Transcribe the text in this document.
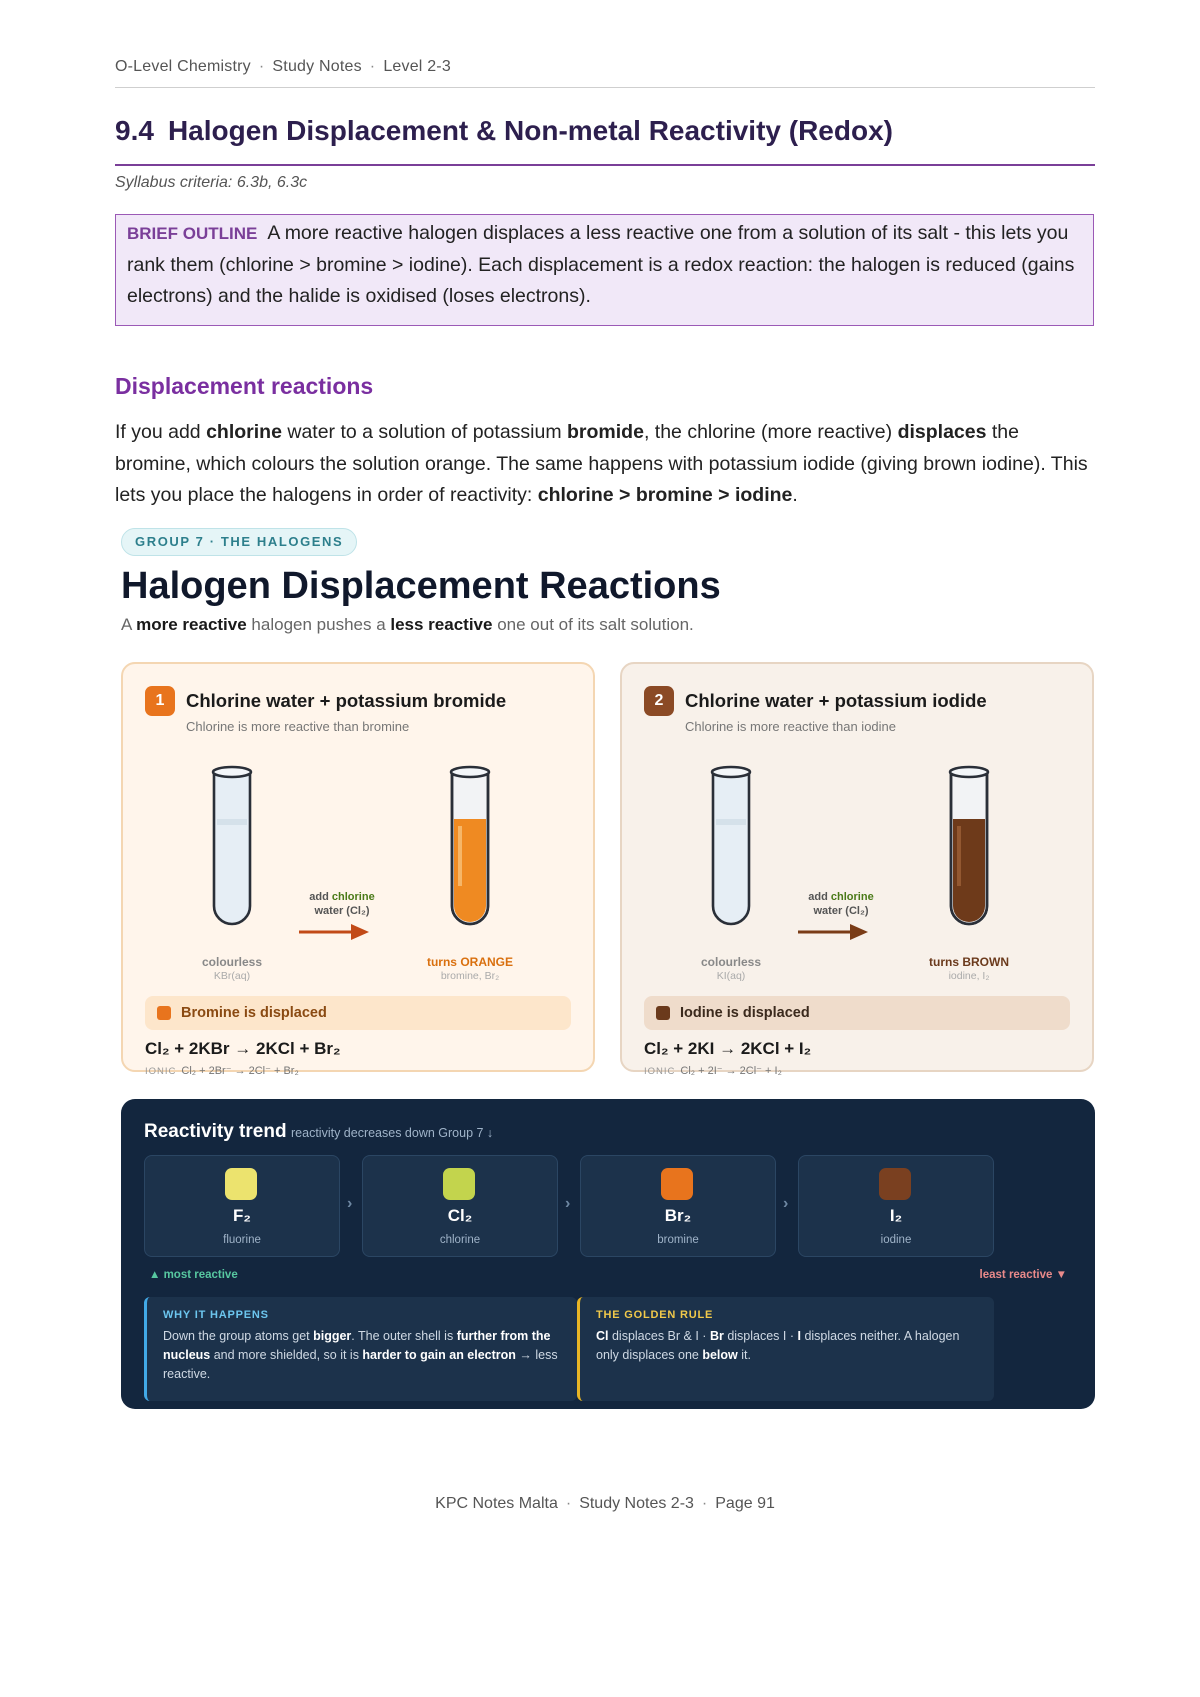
O-Level Chemistry · Study Notes · Level 2-3
9.4 Halogen Displacement & Non-metal Reactivity (Redox)
Syllabus criteria: 6.3b, 6.3c
BRIEF OUTLINE A more reactive halogen displaces a less reactive one from a solution of its salt - this lets you rank them (chlorine > bromine > iodine). Each displacement is a redox reaction: the halogen is reduced (gains electrons) and the halide is oxidised (loses electrons).
Displacement reactions

If you add chlorine water to a solution of potassium bromide, the chlorine (more reactive) displaces the bromine, which colours the solution orange. The same happens with potassium iodide (giving brown iodine). This lets you place the halogens in order of reactivity: chlorine > bromine > iodine.

GROUP 7 · THE HALOGENS
Halogen Displacement Reactions
A more reactive halogen pushes a less reactive one out of its salt solution.
1	Chlorine water + potassium bromide
Chlorine is more reactive than bromine
add chlorine
water (Cl₂)
colourless
KBr(aq)
turns ORANGE
bromine, Br₂
Bromine is displaced
Cl₂ + 2KBr → 2KCl + Br₂
IONIC Cl₂ + 2Br⁻ → 2Cl⁻ + Br₂
2	Chlorine water + potassium iodide
Chlorine is more reactive than iodine
add chlorine
water (Cl₂)
colourless
KI(aq)
turns BROWN
iodine, I₂
Iodine is displaced
Cl₂ + 2KI → 2KCl + I₂
IONIC Cl₂ + 2I⁻ → 2Cl⁻ + I₂
Reactivity trend reactivity decreases down Group 7 ↓
F₂
fluorine
›
Cl₂
chlorine
›
Br₂
bromine
›
I₂
iodine
▲ most reactive	least reactive ▼
WHY IT HAPPENS
Down the group atoms get bigger. The outer shell is further from the nucleus and more shielded, so it is harder to gain an electron → less reactive.
THE GOLDEN RULE
Cl displaces Br & I · Br displaces I · I displaces neither. A halogen only displaces one below it.
KPC Notes Malta · Study Notes 2-3 · Page 91
